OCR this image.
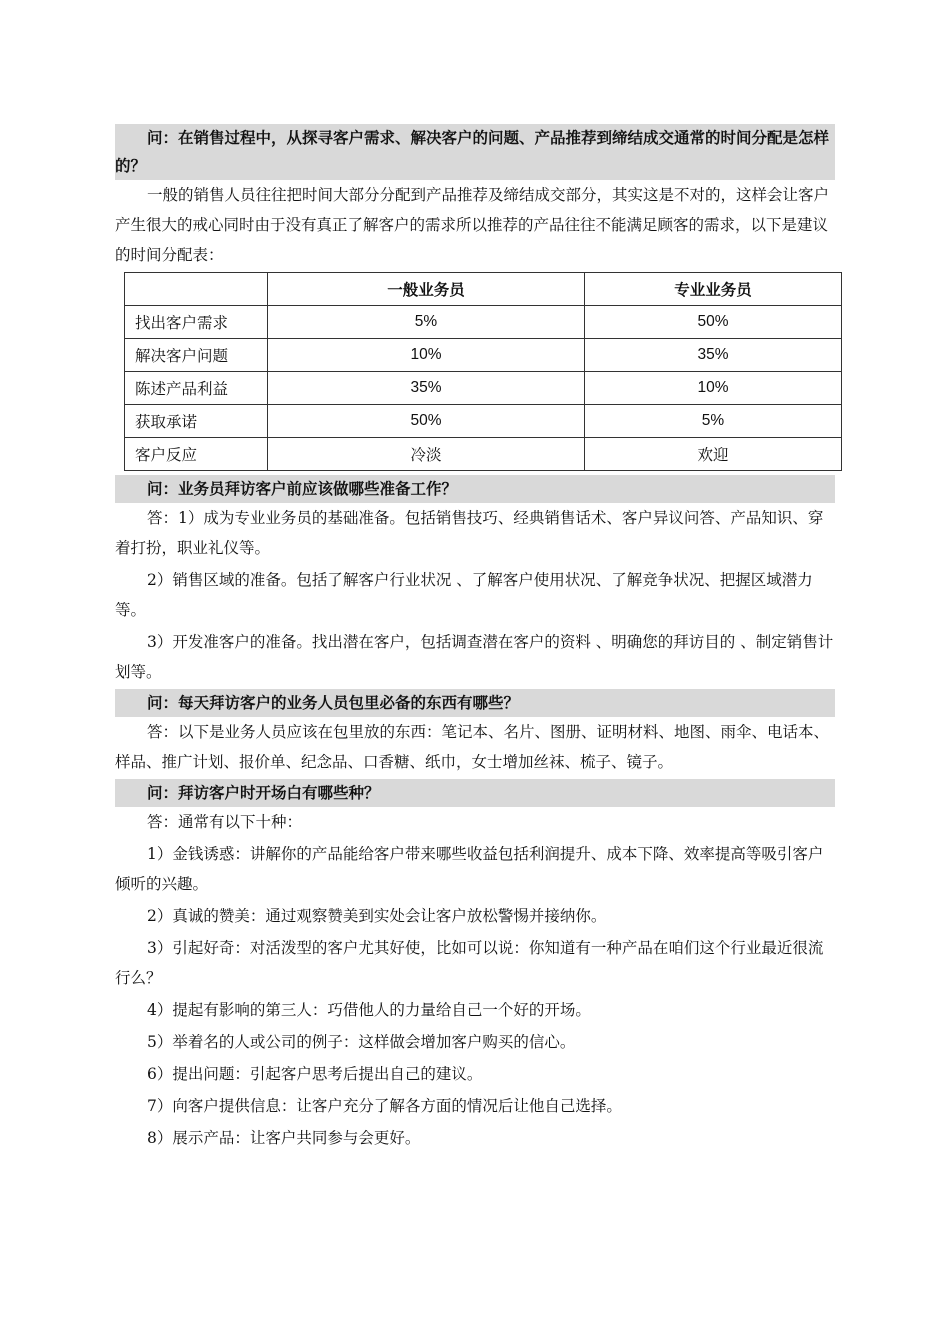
问：在销售过程中，从探寻客户需求、解决客户的问题、产品推荐到缔结成交通常的时间分配是怎样的？

一般的销售人员往往把时间大部分分配到产品推荐及缔结成交部分，其实这是不对的，这样会让客户产生很大的戒心同时由于没有真正了解客户的需求所以推荐的产品往往不能满足顾客的需求，以下是建议的时间分配表：

	一般业务员	专业业务员
找出客户需求	5%	50%
解决客户问题	10%	35%
陈述产品利益	35%	10%
获取承诺	50%	5%
客户反应	冷淡	欢迎

问：业务员拜访客户前应该做哪些准备工作？

答：1）成为专业业务员的基础准备。包括销售技巧、经典销售话术、客户异议问答、产品知识、穿着打扮，职业礼仪等。

2）销售区域的准备。包括了解客户行业状况 、了解客户使用状况、了解竞争状况、把握区域潜力等。

3）开发准客户的准备。找出潜在客户，包括调查潜在客户的资料 、明确您的拜访目的 、制定销售计划等。

问：每天拜访客户的业务人员包里必备的东西有哪些？

答：以下是业务人员应该在包里放的东西：笔记本、名片、图册、证明材料、地图、雨伞、电话本、样品、推广计划、报价单、纪念品、口香糖、纸巾，女士增加丝袜、梳子、镜子。

问：拜访客户时开场白有哪些种？

答：通常有以下十种：

1）金钱诱惑：讲解你的产品能给客户带来哪些收益包括利润提升、成本下降、效率提高等吸引客户倾听的兴趣。

2）真诚的赞美：通过观察赞美到实处会让客户放松警惕并接纳你。

3）引起好奇：对活泼型的客户尤其好使，比如可以说：你知道有一种产品在咱们这个行业最近很流行么？

4）提起有影响的第三人：巧借他人的力量给自己一个好的开场。

5）举着名的人或公司的例子：这样做会增加客户购买的信心。

6）提出问题：引起客户思考后提出自己的建议。

7）向客户提供信息：让客户充分了解各方面的情况后让他自己选择。

8）展示产品：让客户共同参与会更好。
